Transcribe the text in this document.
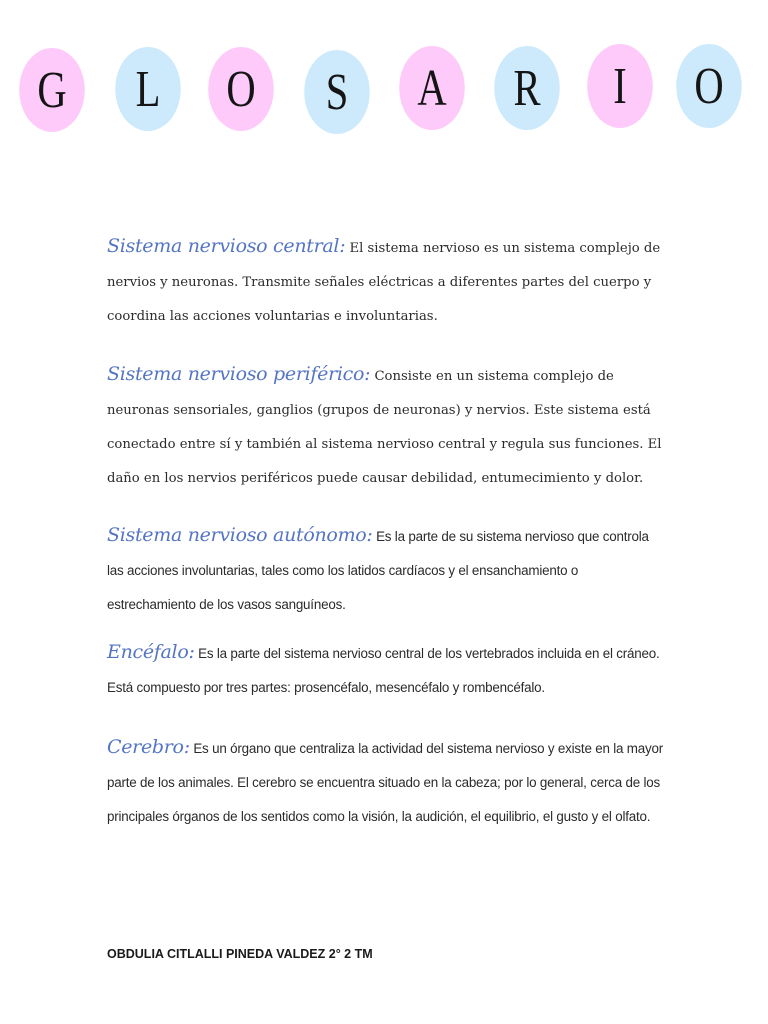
G L O S A R I O
Sistema nervioso central: El sistema nervioso es un sistema complejo de nervios y neuronas. Transmite señales eléctricas a diferentes partes del cuerpo y coordina las acciones voluntarias e involuntarias.
Sistema nervioso periférico: Consiste en un sistema complejo de neuronas sensoriales, ganglios (grupos de neuronas) y nervios. Este sistema está conectado entre sí y también al sistema nervioso central y regula sus funciones. El daño en los nervios periféricos puede causar debilidad, entumecimiento y dolor.
Sistema nervioso autónomo: Es la parte de su sistema nervioso que controla las acciones involuntarias, tales como los latidos cardíacos y el ensanchamiento o estrechamiento de los vasos sanguíneos.
Encéfalo: Es la parte del sistema nervioso central de los vertebrados incluida en el cráneo. Está compuesto por tres partes: prosencéfalo, mesencéfalo y rombencéfalo.
Cerebro: Es un órgano que centraliza la actividad del sistema nervioso y existe en la mayor parte de los animales. El cerebro se encuentra situado en la cabeza; por lo general, cerca de los principales órganos de los sentidos como la visión, la audición, el equilibrio, el gusto y el olfato.
OBDULIA CITLALLI PINEDA VALDEZ 2° 2 TM
